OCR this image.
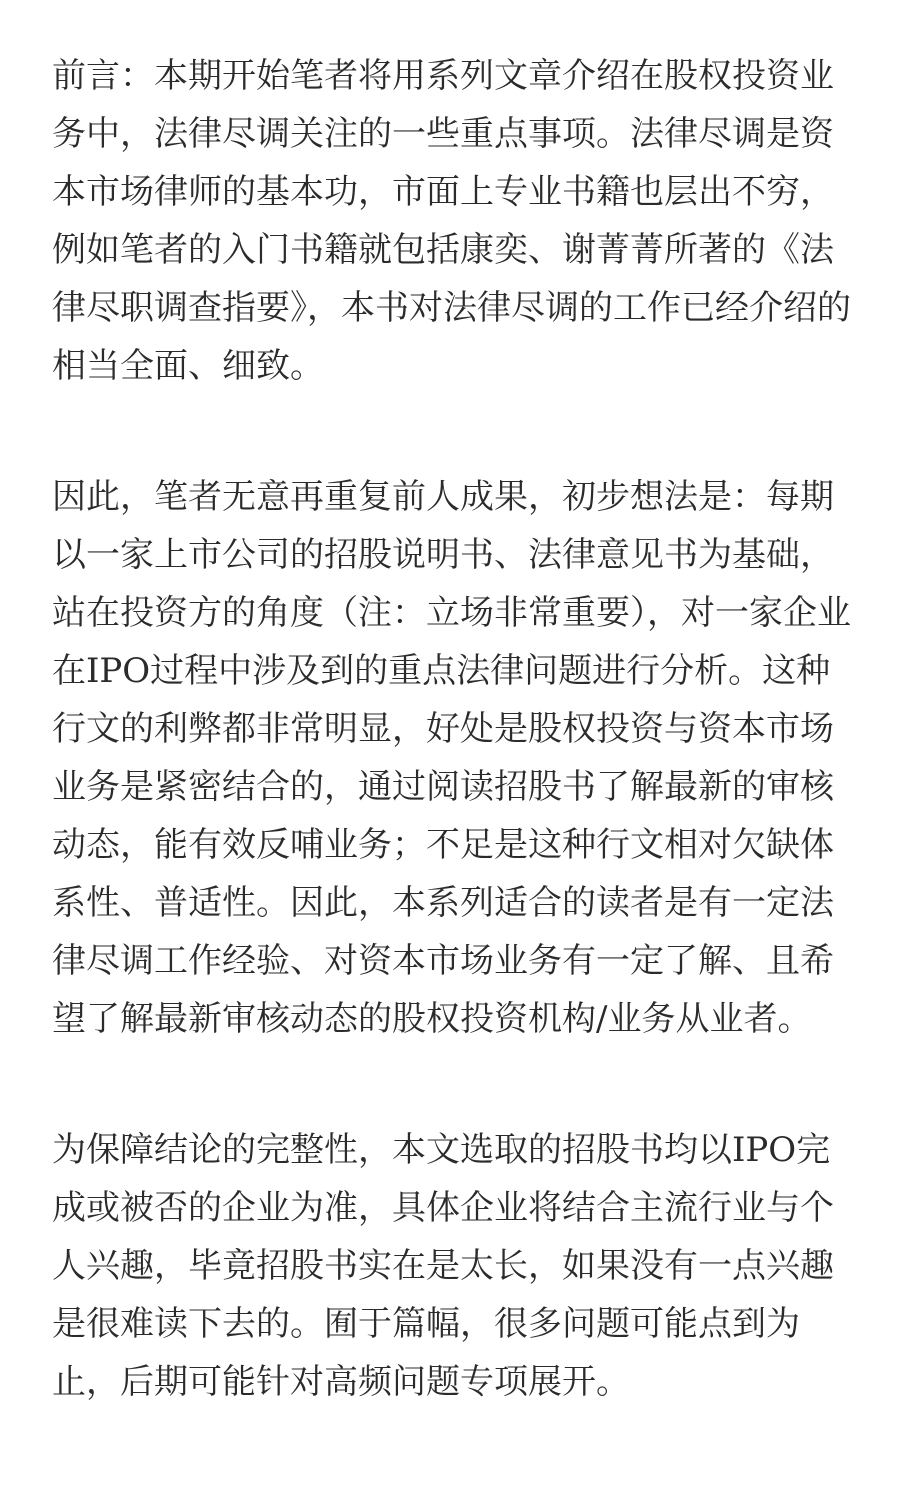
前言：本期开始笔者将用系列文章介绍在股权投资业
务中，法律尽调关注的一些重点事项。法律尽调是资
本市场律师的基本功，市面上专业书籍也层出不穷，
例如笔者的入门书籍就包括康奕、谢菁菁所著的《法
律尽职调查指要》，本书对法律尽调的工作已经介绍的
相当全面、细致。

因此，笔者无意再重复前人成果，初步想法是：每期
以一家上市公司的招股说明书、法律意见书为基础，
站在投资方的角度（注：立场非常重要），对一家企业
在IPO过程中涉及到的重点法律问题进行分析。这种
行文的利弊都非常明显，好处是股权投资与资本市场
业务是紧密结合的，通过阅读招股书了解最新的审核
动态，能有效反哺业务；不足是这种行文相对欠缺体
系性、普适性。因此，本系列适合的读者是有一定法
律尽调工作经验、对资本市场业务有一定了解、且希
望了解最新审核动态的股权投资机构/业务从业者。

为保障结论的完整性，本文选取的招股书均以IPO完
成或被否的企业为准，具体企业将结合主流行业与个
人兴趣，毕竟招股书实在是太长，如果没有一点兴趣
是很难读下去的。囿于篇幅，很多问题可能点到为
止，后期可能针对高频问题专项展开。
